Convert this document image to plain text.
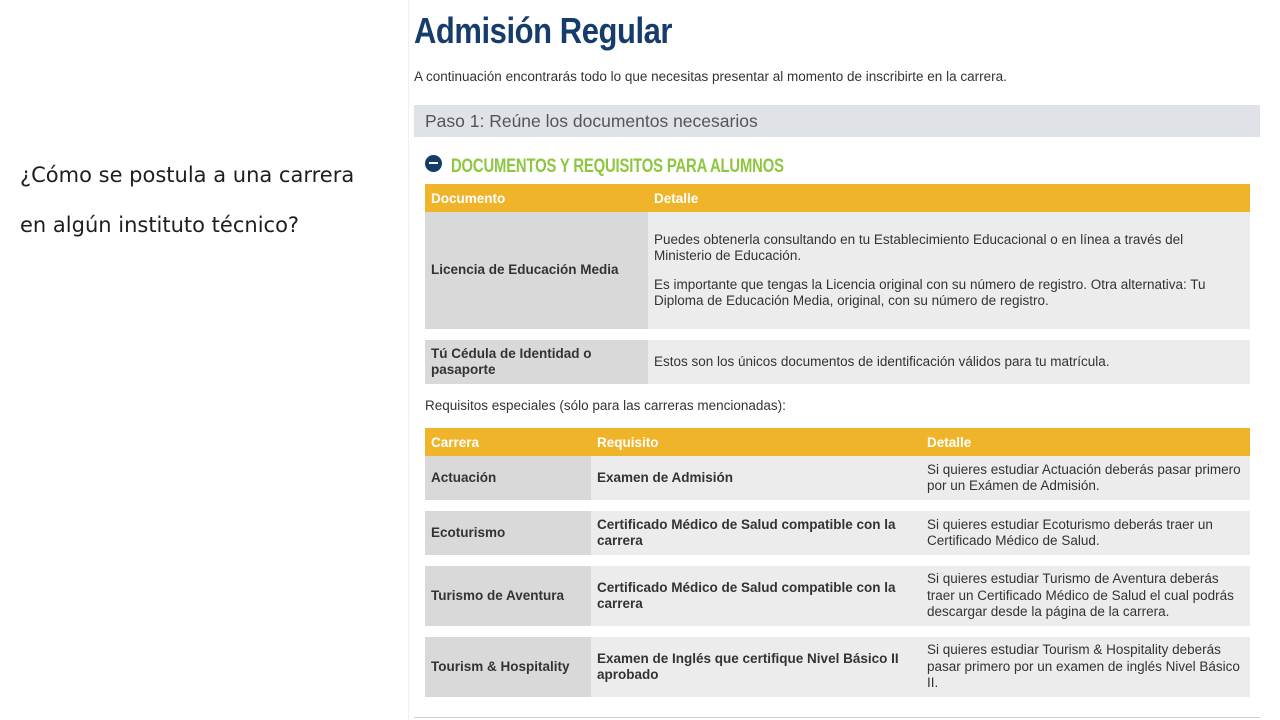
¿Cómo se postula a una carrera
en algún instituto técnico?
Admisión Regular
A continuación encontrarás todo lo que necesitas presentar al momento de inscribirte en la carrera.
Paso 1: Reúne los documentos necesarios
DOCUMENTOS Y REQUISITOS PARA ALUMNOS
Documento	Detalle
Licencia de Educación Media	Puedes obtenerla consultando en tu Establecimiento Educacional o en línea a través del Ministerio de Educación.
Es importante que tengas la Licencia original con su número de registro. Otra alternativa: Tu Diploma de Educación Media, original, con su número de registro.

Tú Cédula de Identidad o pasaporte	Estos son los únicos documentos de identificación válidos para tu matrícula.
Requisitos especiales (sólo para las carreras mencionadas):
Carrera	Requisito	Detalle
Actuación	Examen de Admisión	Si quieres estudiar Actuación deberás pasar primero por un Exámen de Admisión.

Ecoturismo	Certificado Médico de Salud compatible con la carrera	Si quieres estudiar Ecoturismo deberás traer un Certificado Médico de Salud.

Turismo de Aventura	Certificado Médico de Salud compatible con la carrera	Si quieres estudiar Turismo de Aventura deberás traer un Certificado Médico de Salud el cual podrás descargar desde la página de la carrera.

Tourism & Hospitality	Examen de Inglés que certifique Nivel Básico II aprobado	Si quieres estudiar Tourism & Hospitality deberás pasar primero por un examen de inglés Nivel Básico II.
